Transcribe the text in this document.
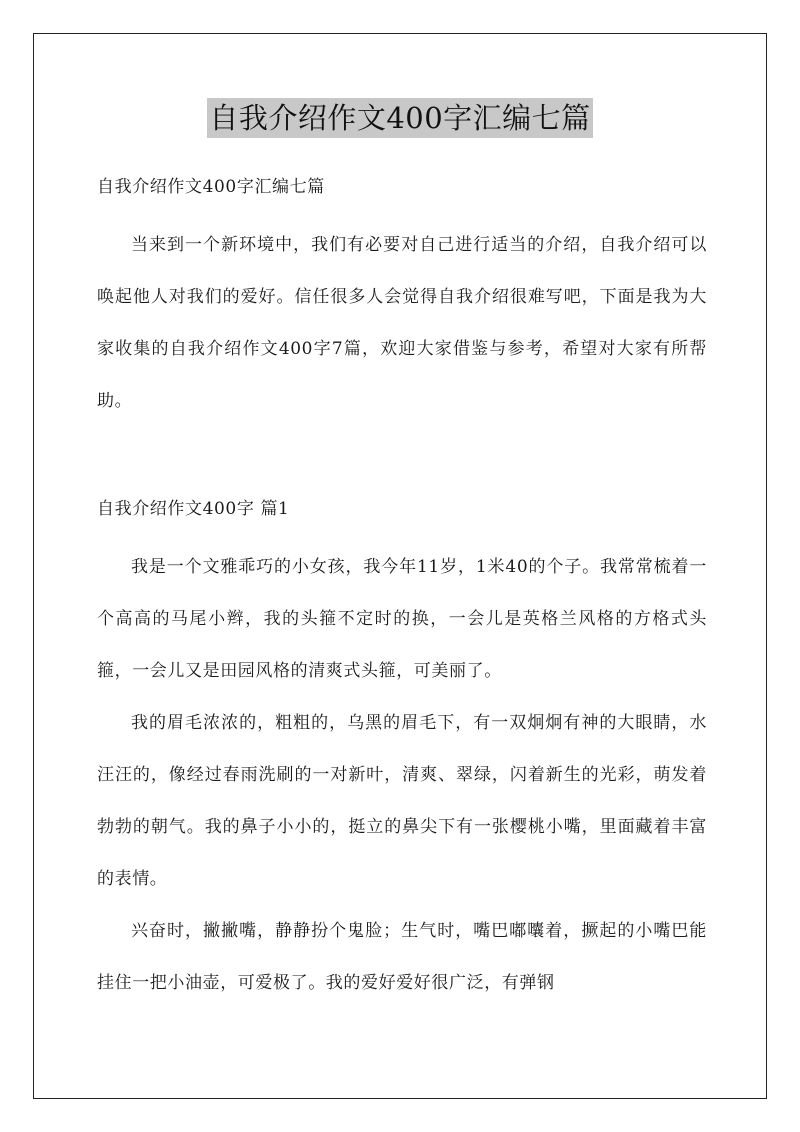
自我介绍作文400字汇编七篇

自我介绍作文400字汇编七篇

当来到一个新环境中，我们有必要对自己进行适当的介绍，自我介绍可以唤起他人对我们的爱好。信任很多人会觉得自我介绍很难写吧，下面是我为大家收集的自我介绍作文400字7篇，欢迎大家借鉴与参考，希望对大家有所帮助。

自我介绍作文400字 篇1

我是一个文雅乖巧的小女孩，我今年11岁，1米40的个子。我常常梳着一个高高的马尾小辫，我的头箍不定时的换，一会儿是英格兰风格的方格式头箍，一会儿又是田园风格的清爽式头箍，可美丽了。

我的眉毛浓浓的，粗粗的，乌黑的眉毛下，有一双炯炯有神的大眼睛，水汪汪的，像经过春雨洗刷的一对新叶，清爽、翠绿，闪着新生的光彩，萌发着勃勃的朝气。我的鼻子小小的，挺立的鼻尖下有一张樱桃小嘴，里面藏着丰富的表情。

兴奋时，撇撇嘴，静静扮个鬼脸；生气时，嘴巴嘟囔着，撅起的小嘴巴能挂住一把小油壶，可爱极了。我的爱好爱好很广泛，有弹钢
